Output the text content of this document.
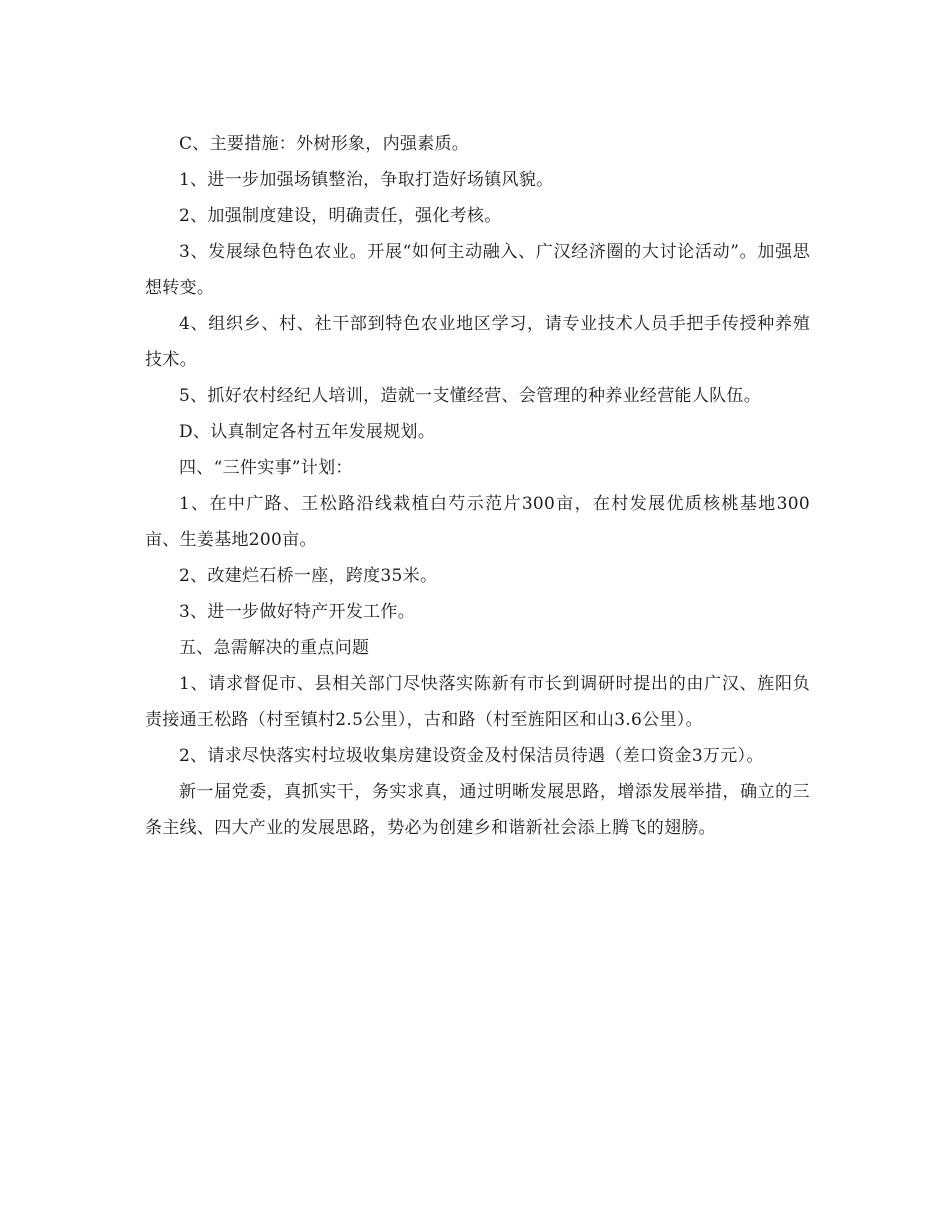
C、主要措施：外树形象，内强素质。

1、进一步加强场镇整治，争取打造好场镇风貌。

2、加强制度建设，明确责任，强化考核。

3、发展绿色特色农业。开展“如何主动融入、广汉经济圈的大讨论活动”。加强思想转变。

4、组织乡、村、社干部到特色农业地区学习，请专业技术人员手把手传授种养殖技术。

5、抓好农村经纪人培训，造就一支懂经营、会管理的种养业经营能人队伍。

D、认真制定各村五年发展规划。

四、“三件实事”计划：

1、在中广路、王松路沿线栽植白芍示范片300亩，在村发展优质核桃基地300亩、生姜基地200亩。

2、改建烂石桥一座，跨度35米。

3、进一步做好特产开发工作。

五、急需解决的重点问题

1、请求督促市、县相关部门尽快落实陈新有市长到调研时提出的由广汉、旌阳负责接通王松路（村至镇村2.5公里），古和路（村至旌阳区和山3.6公里）。

2、请求尽快落实村垃圾收集房建设资金及村保洁员待遇（差口资金3万元）。

新一届党委，真抓实干，务实求真，通过明晰发展思路，增添发展举措，确立的三条主线、四大产业的发展思路，势必为创建乡和谐新社会添上腾飞的翅膀。
